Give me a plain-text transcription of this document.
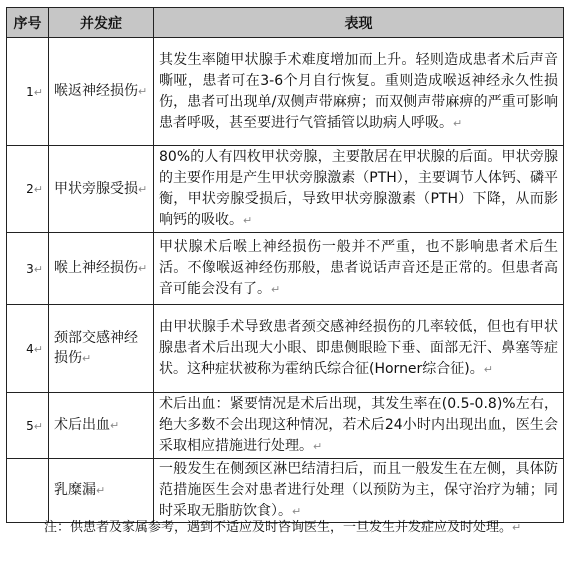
序号	并发症	表现
1↵	喉返神经损伤↵	其发生率随甲状腺手术难度增加而上升。轻则造成患者术后声音嘶哑，患者可在3-6个月自行恢复。重则造成喉返神经永久性损伤，患者可出现单/双侧声带麻痹；而双侧声带麻痹的严重可影响患者呼吸，甚至要进行气管插管以助病人呼吸。↵
2↵	甲状旁腺受损↵	80%的人有四枚甲状旁腺，主要散居在甲状腺的后面。甲状旁腺的主要作用是产生甲状旁腺激素（PTH），主要调节人体钙、磷平衡，甲状旁腺受损后，导致甲状旁腺激素（PTH）下降，从而影响钙的吸收。↵
3↵	喉上神经损伤↵	甲状腺术后喉上神经损伤一般并不严重，也不影响患者术后生活。不像喉返神经伤那般，患者说话声音还是正常的。但患者高音可能会没有了。↵
4↵	颈部交感神经损伤↵	由甲状腺手术导致患者颈交感神经损伤的几率较低，但也有甲状腺患者术后出现大小眼、即患侧眼睑下垂、面部无汗、鼻塞等症状。这种症状被称为霍纳氏综合征(Horner综合征)。↵
5↵	术后出血↵	术后出血：紧要情况是术后出现，其发生率在(0.5-0.8)%左右，绝大多数不会出现这种情况，若术后24小时内出现出血，医生会采取相应措施进行处理。↵
	乳糜漏↵	一般发生在侧颈区淋巴结清扫后，而且一般发生在左侧，具体防范措施医生会对患者进行处理（以预防为主，保守治疗为辅；同时采取无脂肪饮食）。↵
注：供患者及家属参考，遇到不适应及时咨询医生，一旦发生并发症应及时处理。↵
